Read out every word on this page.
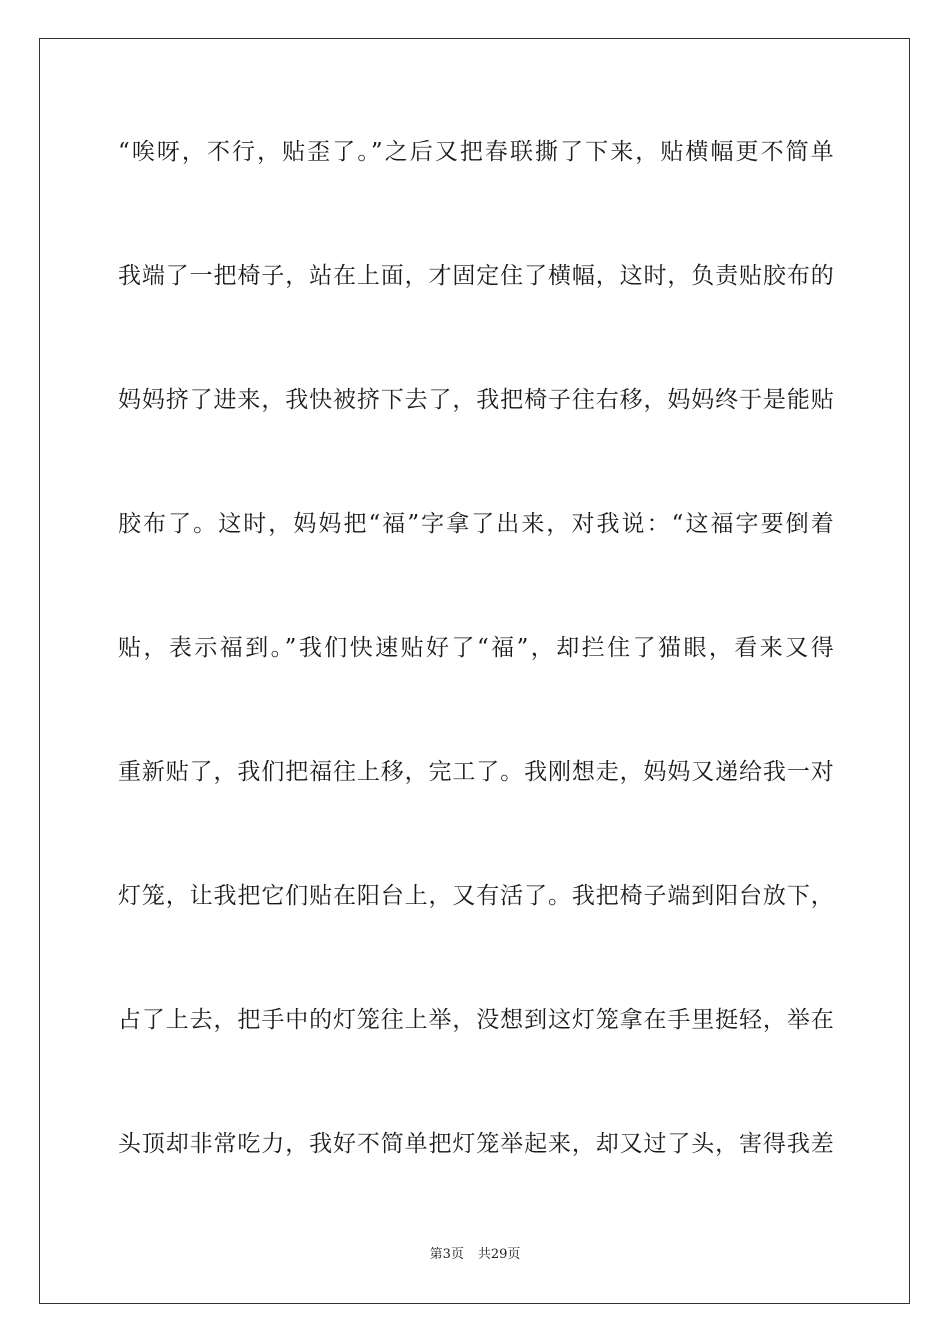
“唉呀，不行，贴歪了。”之后又把春联撕了下来，贴横幅更不简单
我端了一把椅子，站在上面，才固定住了横幅，这时，负责贴胶布的
妈妈挤了进来，我快被挤下去了，我把椅子往右移，妈妈终于是能贴
胶布了。这时，妈妈把“福”字拿了出来，对我说：“这福字要倒着
贴，表示福到。”我们快速贴好了“福”，却拦住了猫眼，看来又得
重新贴了，我们把福往上移，完工了。我刚想走，妈妈又递给我一对
灯笼，让我把它们贴在阳台上，又有活了。我把椅子端到阳台放下，
占了上去，把手中的灯笼往上举，没想到这灯笼拿在手里挺轻，举在
头顶却非常吃力，我好不简单把灯笼举起来，却又过了头，害得我差
第3页 共29页
